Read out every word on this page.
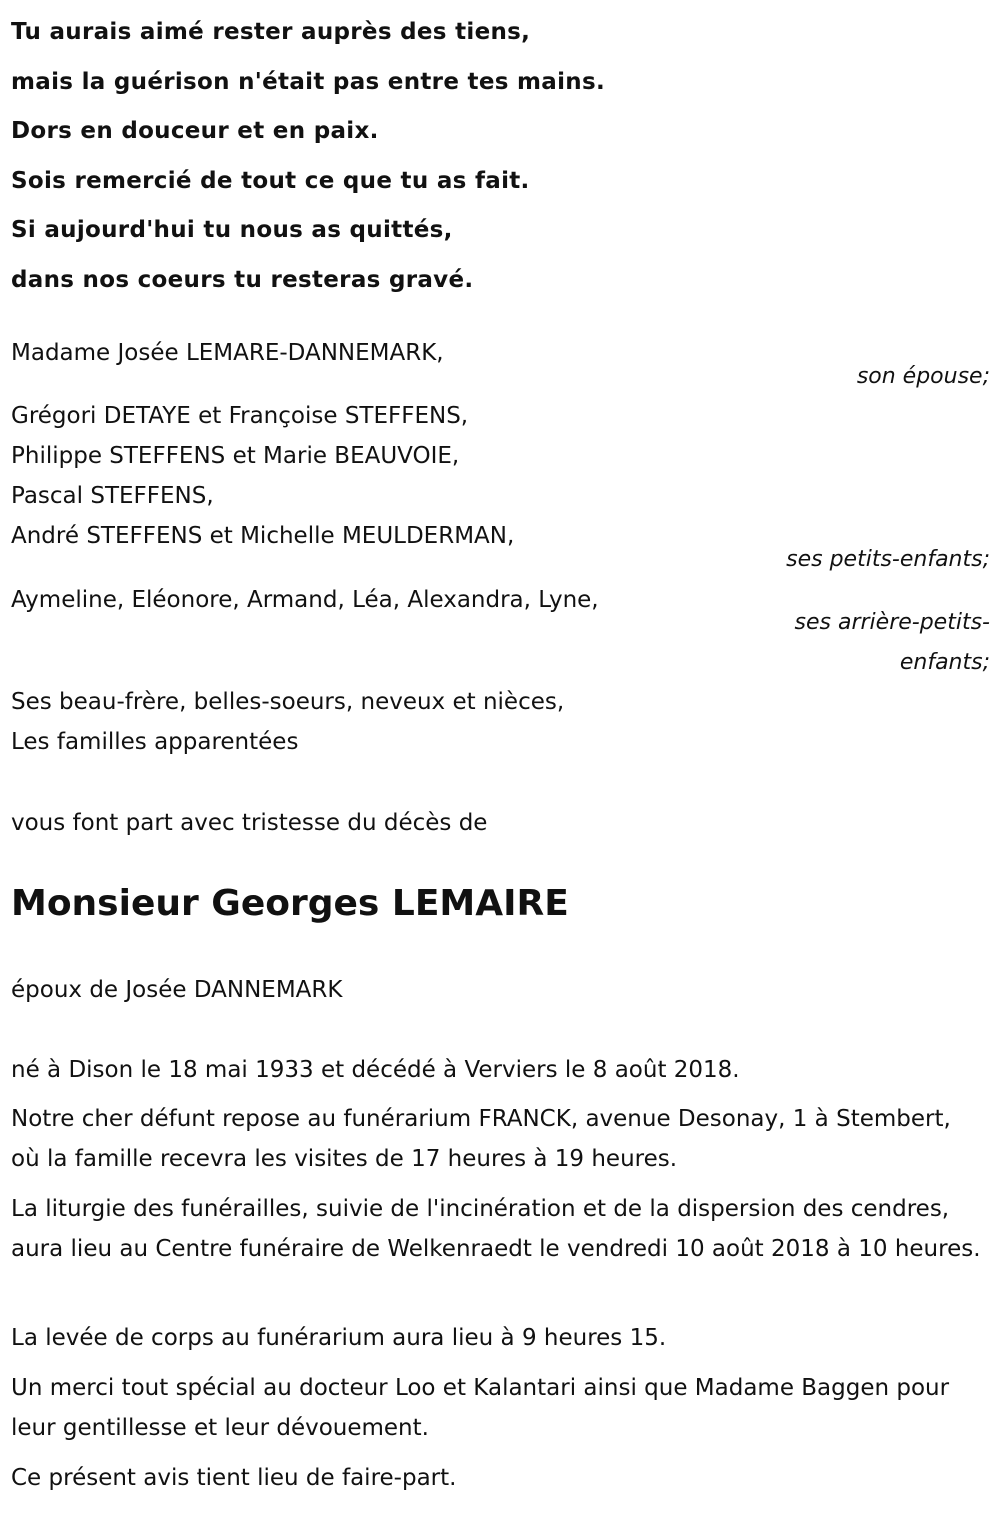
Tu aurais aimé rester auprès des tiens,
mais la guérison n'était pas entre tes mains.
Dors en douceur et en paix.
Sois remercié de tout ce que tu as fait.
Si aujourd'hui tu nous as quittés,
dans nos coeurs tu resteras gravé.
Madame Josée LEMARE-DANNEMARK,
son épouse;
Grégori DETAYE et Françoise STEFFENS,
Philippe STEFFENS et Marie BEAUVOIE,
Pascal STEFFENS,
André STEFFENS et Michelle MEULDERMAN,
ses petits-enfants;
Aymeline, Eléonore, Armand, Léa, Alexandra, Lyne,
ses arrière-petits-
enfants;
Ses beau-frère, belles-soeurs, neveux et nièces,
Les familles apparentées
vous font part avec tristesse du décès de
Monsieur Georges LEMAIRE
époux de Josée DANNEMARK
né à Dison le 18 mai 1933 et décédé à Verviers le 8 août 2018.
Notre cher défunt repose au funérarium FRANCK, avenue Desonay, 1 à Stembert, où la famille recevra les visites de 17 heures à 19 heures.
La liturgie des funérailles, suivie de l'incinération et de la dispersion des cendres, aura lieu au Centre funéraire de Welkenraedt le vendredi 10 août 2018 à 10 heures.
La levée de corps au funérarium aura lieu à 9 heures 15.
Un merci tout spécial au docteur Loo et Kalantari ainsi que Madame Baggen pour leur gentillesse et leur dévouement.
Ce présent avis tient lieu de faire-part.
